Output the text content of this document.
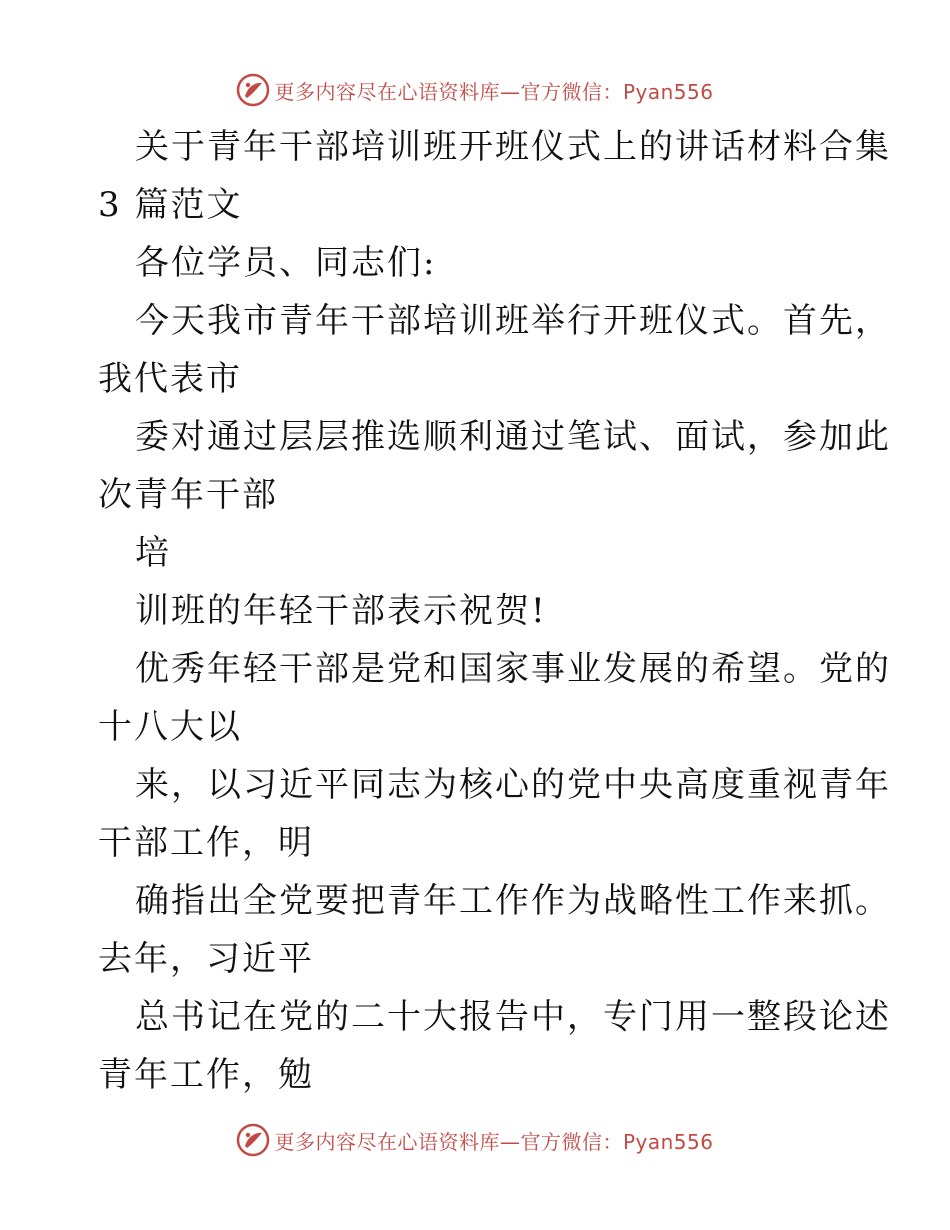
更多内容尽在心语资料库—官方微信：Pyan556
关于青年干部培训班开班仪式上的讲话材料合集
3 篇范文
各位学员、同志们:
今天我市青年干部培训班举行开班仪式。首先，
我代表市
委对通过层层推选顺利通过笔试、面试，参加此
次青年干部
培
训班的年轻干部表示祝贺!
优秀年轻干部是党和国家事业发展的希望。党的
十八大以
来，以习近平同志为核心的党中央高度重视青年
干部工作，明
确指出全党要把青年工作作为战略性工作来抓。
去年，习近平
总书记在党的二十大报告中，专门用一整段论述
青年工作，勉
更多内容尽在心语资料库—官方微信：Pyan556
